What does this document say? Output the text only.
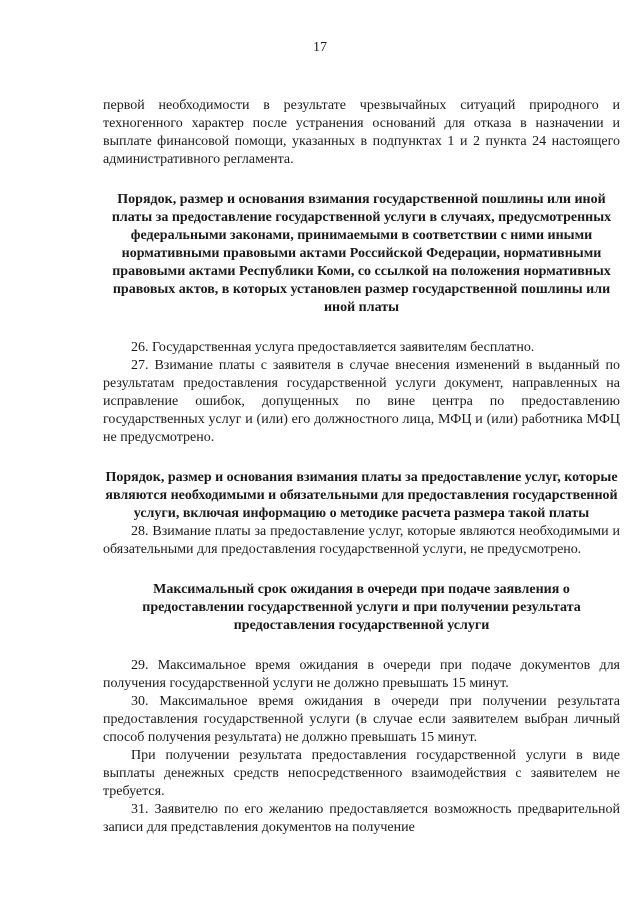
17

первой необходимости в результате чрезвычайных ситуаций природного и техногенного характер после устранения оснований для отказа в назначении и выплате финансовой помощи, указанных в подпунктах 1 и 2 пункта 24 настоящего административного регламента.

Порядок, размер и основания взимания государственной пошлины или иной платы за предоставление государственной услуги в случаях, предусмотренных федеральными законами, принимаемыми в соответствии с ними иными нормативными правовыми актами Российской Федерации, нормативными правовыми актами Республики Коми, со ссылкой на положения нормативных правовых актов, в которых установлен размер государственной пошлины или иной платы

26. Государственная услуга предоставляется заявителям бесплатно.

27. Взимание платы с заявителя в случае внесения изменений в выданный по результатам предоставления государственной услуги документ, направленных на исправление ошибок, допущенных по вине центра по предоставлению государственных услуг и (или) его должностного лица, МФЦ и (или) работника МФЦ не предусмотрено.

Порядок, размер и основания взимания платы за предоставление услуг, которые являются необходимыми и обязательными для предоставления государственной услуги, включая информацию о методике расчета размера такой платы

28. Взимание платы за предоставление услуг, которые являются необходимыми и обязательными для предоставления государственной услуги, не предусмотрено.

Максимальный срок ожидания в очереди при подаче заявления о предоставлении государственной услуги и при получении результата предоставления государственной услуги

29. Максимальное время ожидания в очереди при подаче документов для получения государственной услуги не должно превышать 15 минут.

30. Максимальное время ожидания в очереди при получении результата предоставления государственной услуги (в случае если заявителем выбран личный способ получения результата) не должно превышать 15 минут.

При получении результата предоставления государственной услуги в виде выплаты денежных средств непосредственного взаимодействия с заявителем не требуется.

31. Заявителю по его желанию предоставляется возможность предварительной записи для представления документов на получение
